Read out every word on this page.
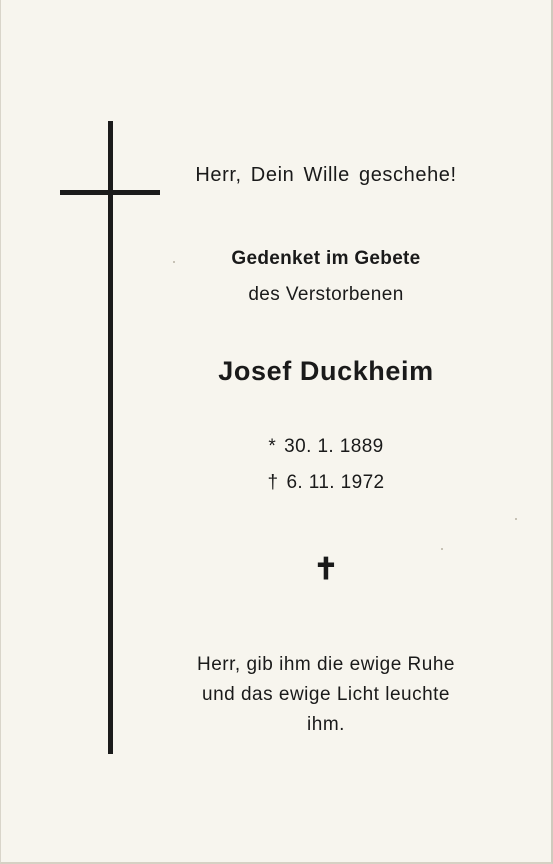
Herr, Dein Wille geschehe!
Gedenket im Gebete
des Verstorbenen
Josef Duckheim
* 30. 1. 1889
† 6. 11. 1972
✝
Herr, gib ihm die ewige Ruhe
und das ewige Licht leuchte
ihm.
